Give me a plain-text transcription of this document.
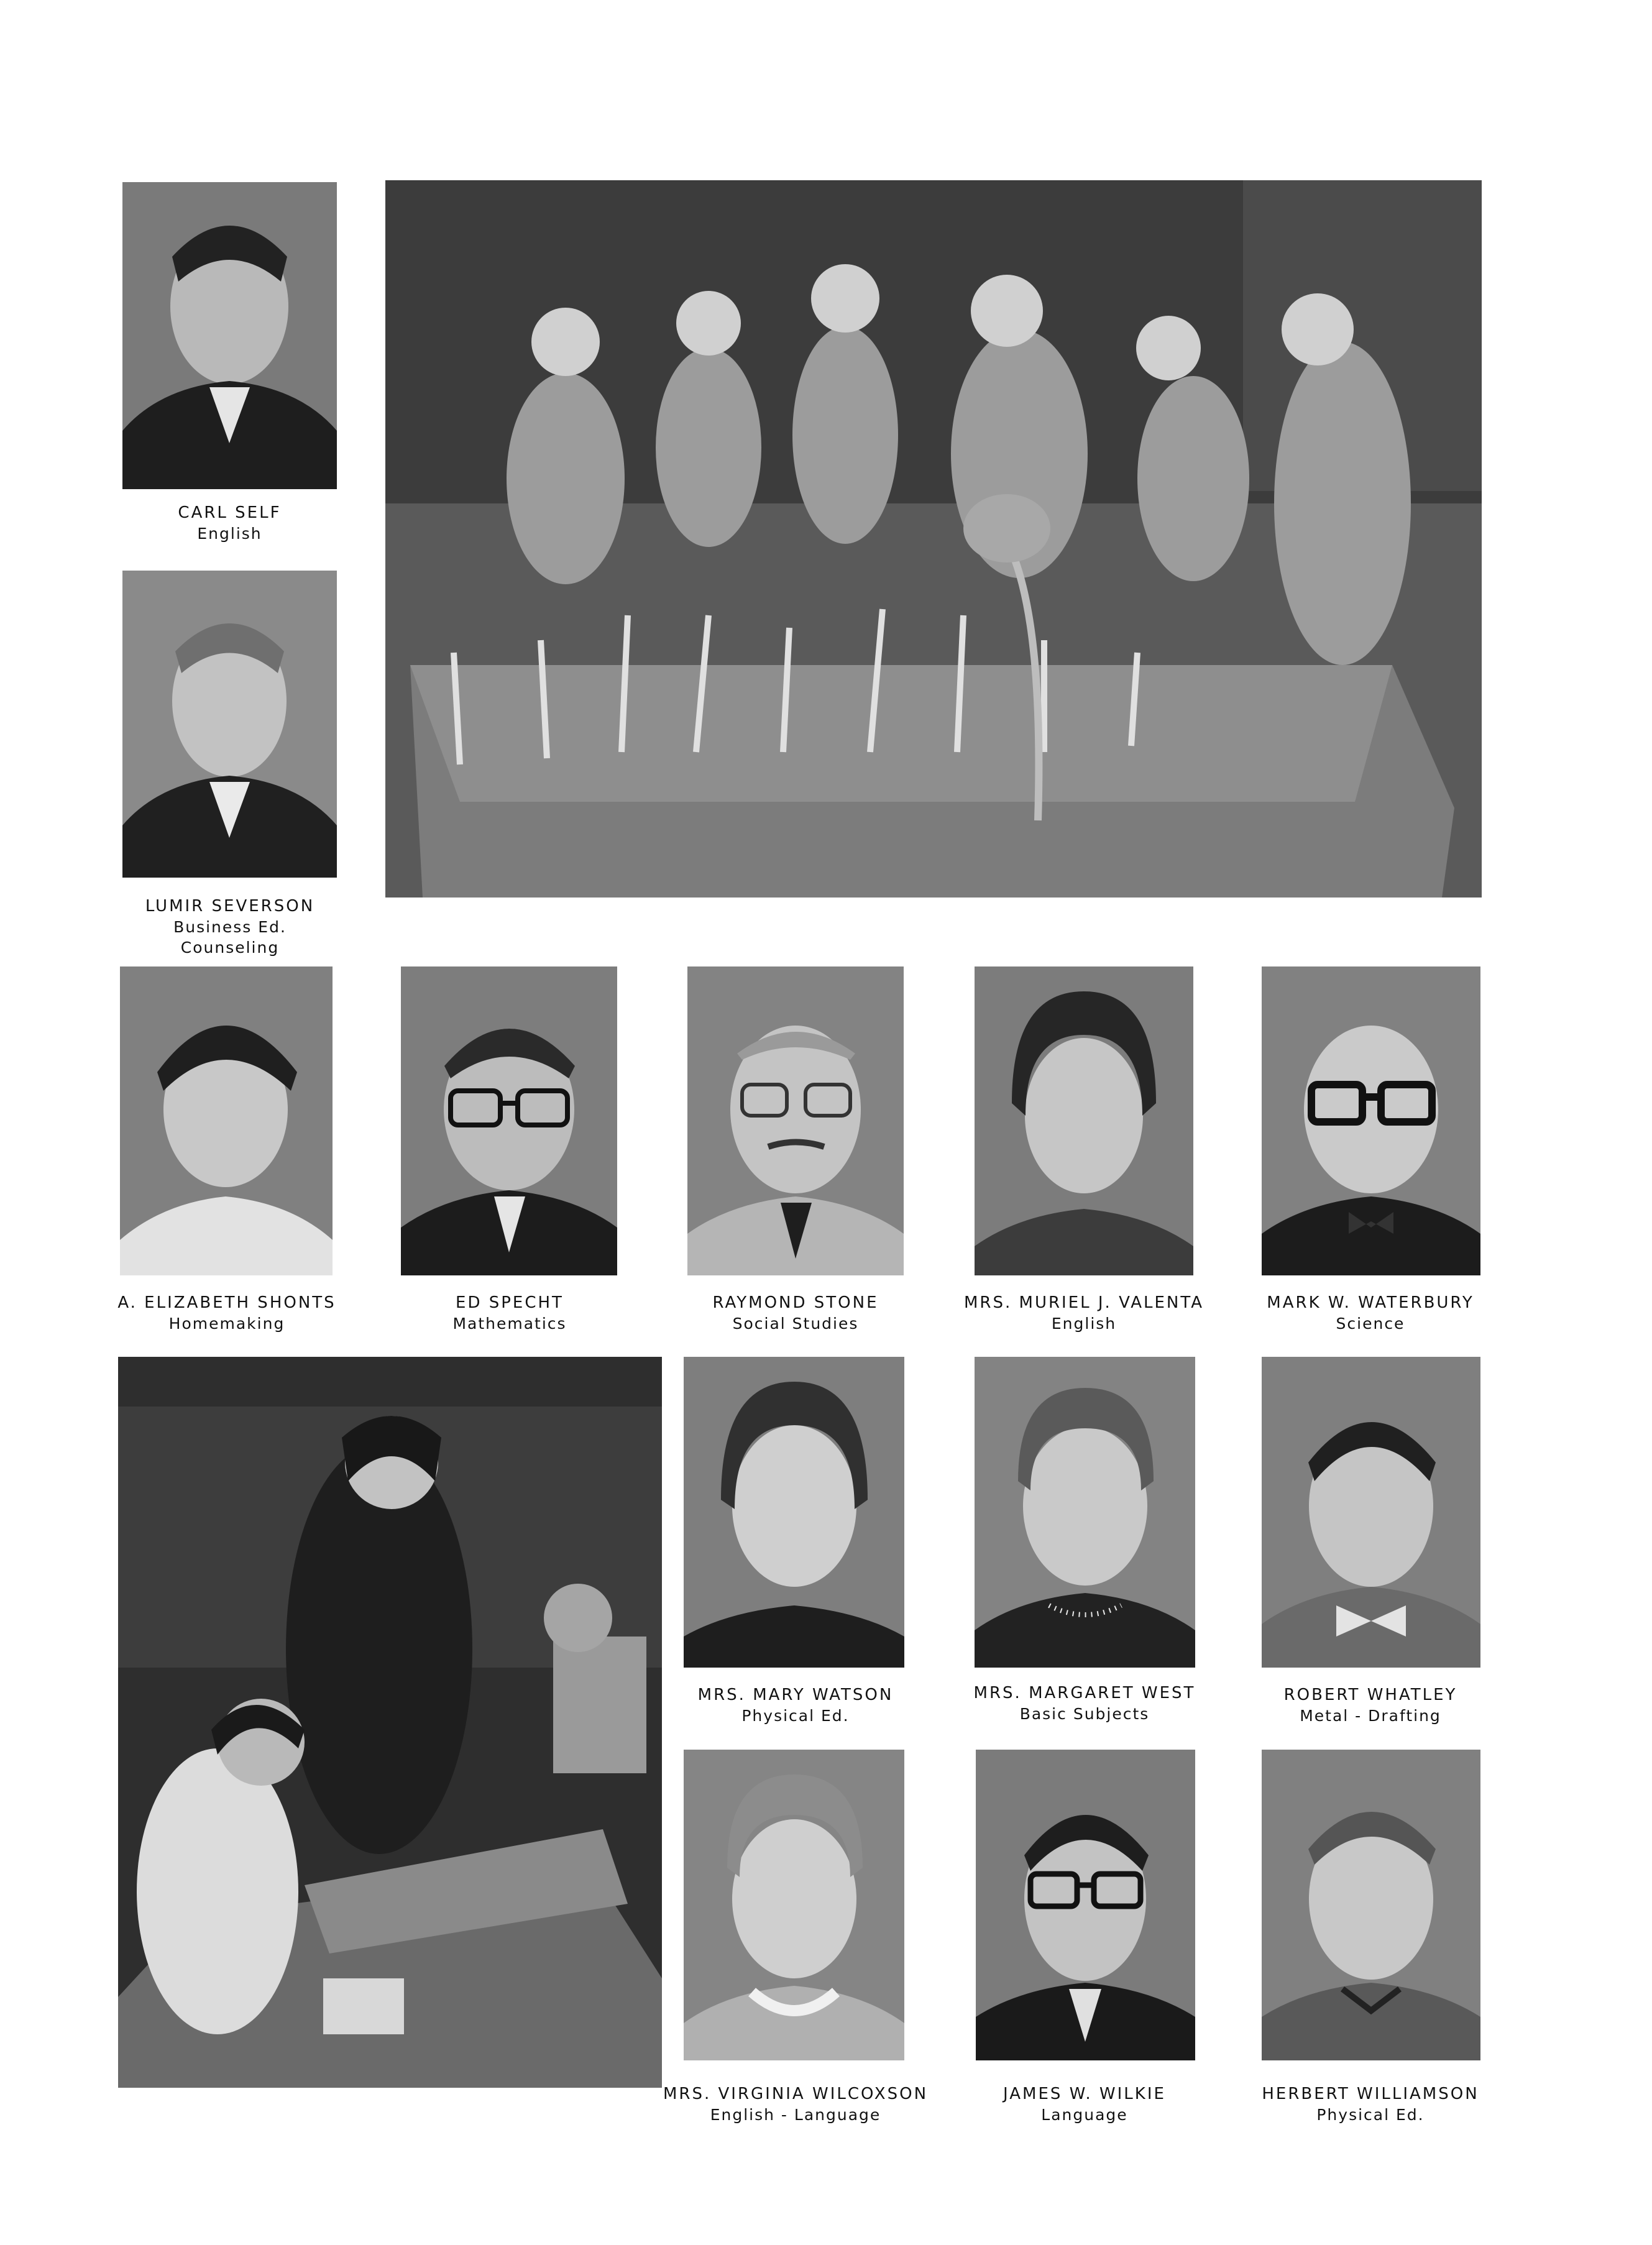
CARL SELF
English
LUMIR SEVERSON
Business Ed.
Counseling
A. ELIZABETH SHONTS
Homemaking
ED SPECHT
Mathematics
RAYMOND STONE
Social Studies
MRS. MURIEL J. VALENTA
English
MARK W. WATERBURY
Science
MRS. MARY WATSON
Physical Ed.
MRS. MARGARET WEST
Basic Subjects
ROBERT WHATLEY
Metal - Drafting
MRS. VIRGINIA WILCOXSON
English - Language
JAMES W. WILKIE
Language
HERBERT WILLIAMSON
Physical Ed.
